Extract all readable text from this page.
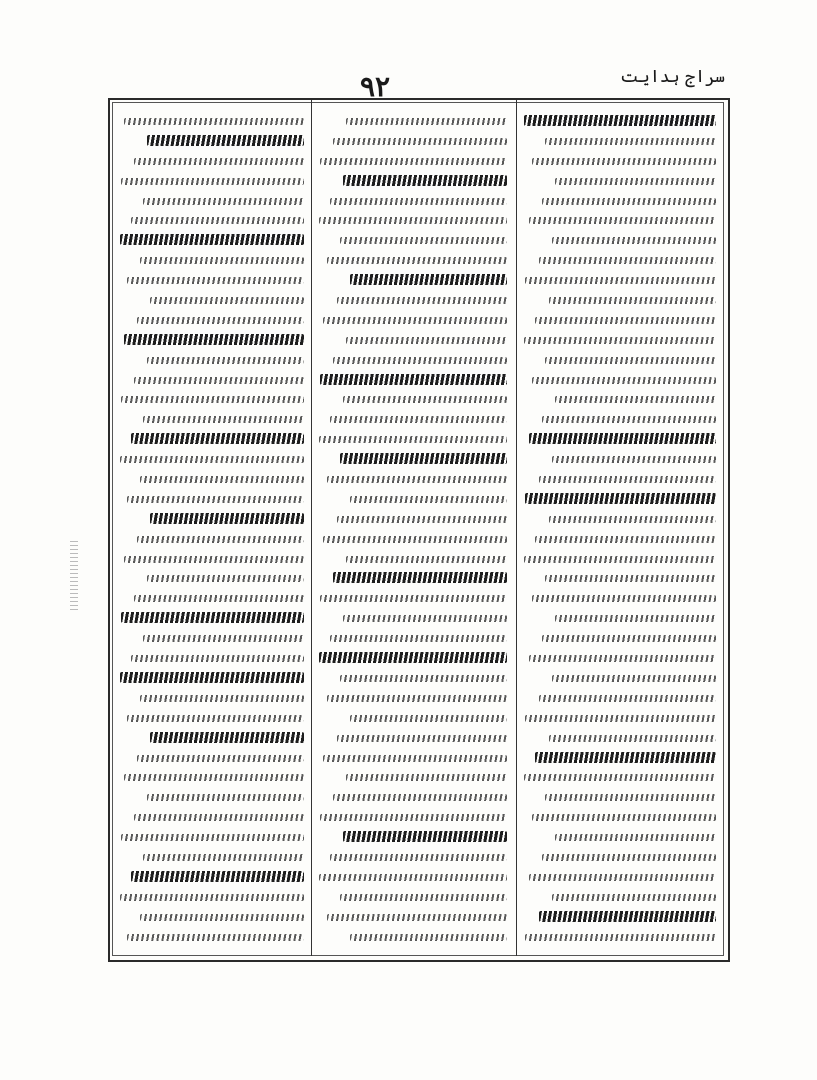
سراج ہدایت
۹۲
